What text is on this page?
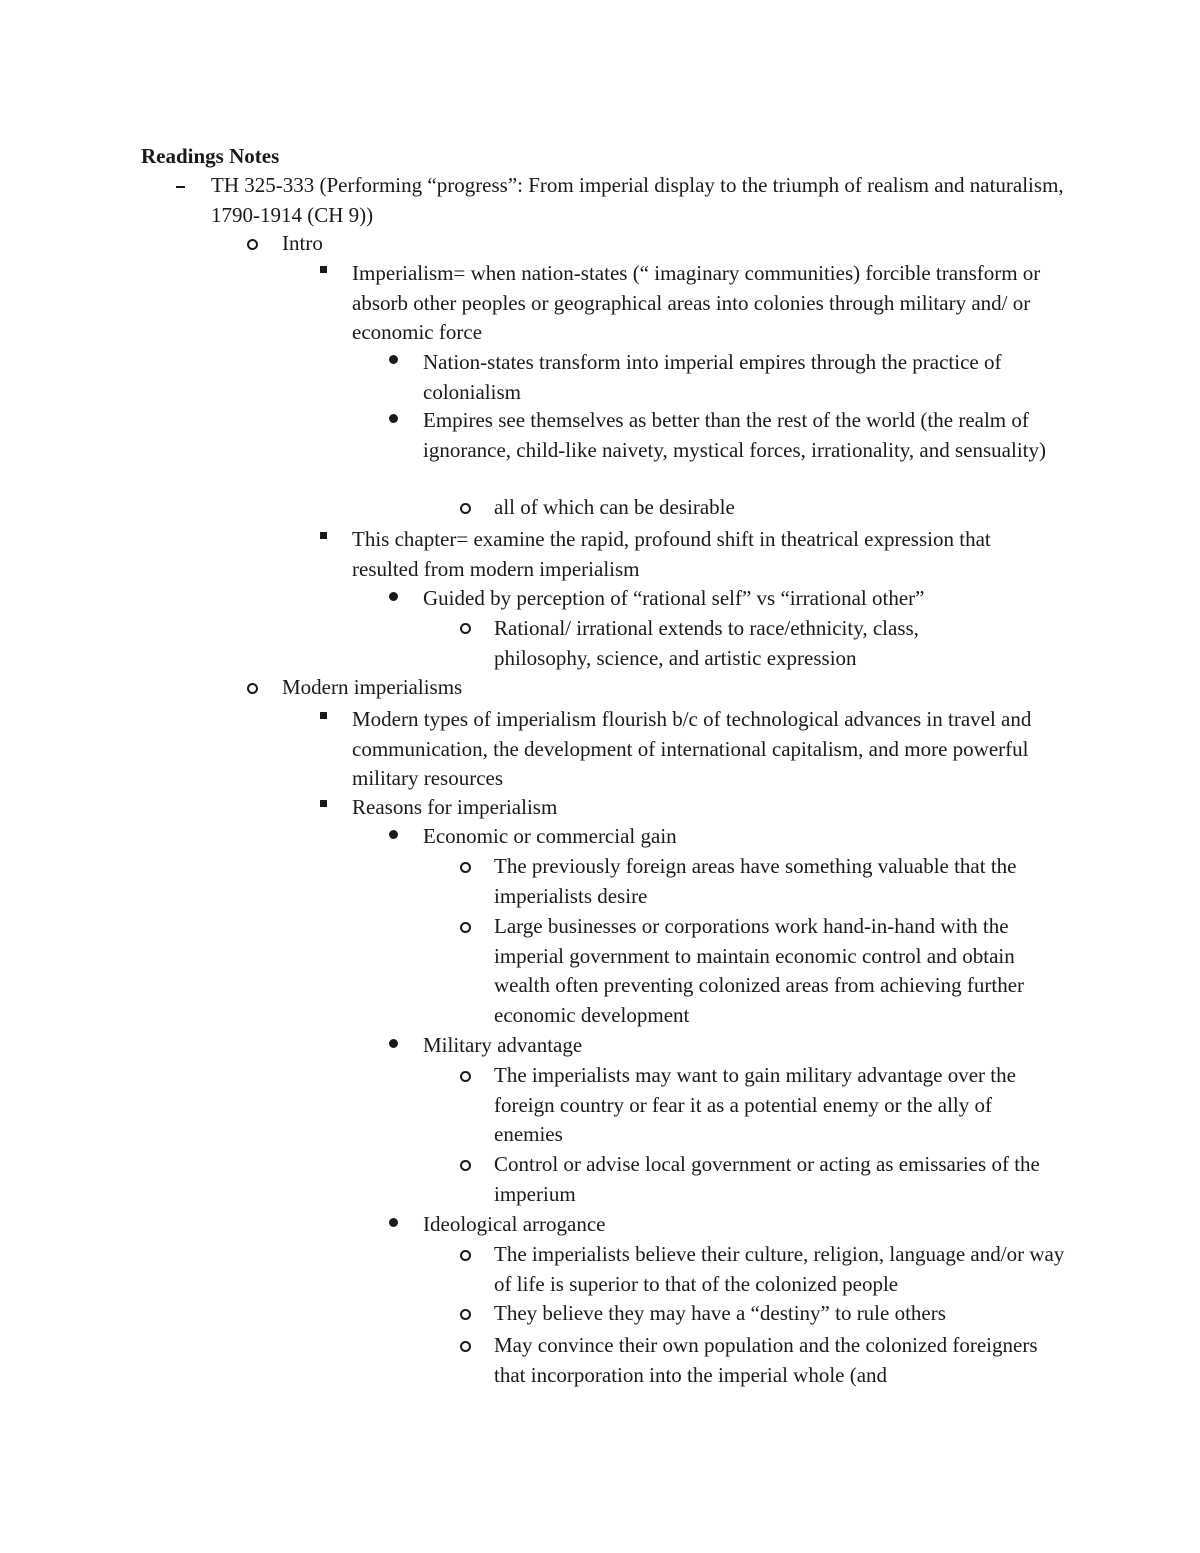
Readings Notes
TH 325-333 (Performing “progress”: From imperial display to the triumph of realism and naturalism, 1790-1914 (CH 9))
Intro
Imperialism= when nation-states (“ imaginary communities) forcible transform or absorb other peoples or geographical areas into colonies through military and/ or economic force
Nation-states transform into imperial empires through the practice of colonialism
Empires see themselves as better than the rest of the world (the realm of ignorance, child-like naivety, mystical forces, irrationality, and sensuality)
all of which can be desirable
This chapter= examine the rapid, profound shift in theatrical expression that resulted from modern imperialism
Guided by perception of “rational self” vs “irrational other”
Rational/ irrational extends to race/ethnicity, class, philosophy, science, and artistic expression
Modern imperialisms
Modern types of imperialism flourish b/c of technological advances in travel and communication, the development of international capitalism, and more powerful military resources
Reasons for imperialism
Economic or commercial gain
The previously foreign areas have something valuable that the imperialists desire
Large businesses or corporations work hand-in-hand with the imperial government to maintain economic control and obtain wealth often preventing colonized areas from achieving further economic development
Military advantage
The imperialists may want to gain military advantage over the foreign country or fear it as a potential enemy or the ally of enemies
Control or advise local government or acting as emissaries of the imperium
Ideological arrogance
The imperialists believe their culture, religion, language and/or way of life is superior to that of the colonized people
They believe they may have a “destiny” to rule others
May convince their own population and the colonized foreigners that incorporation into the imperial whole (and
